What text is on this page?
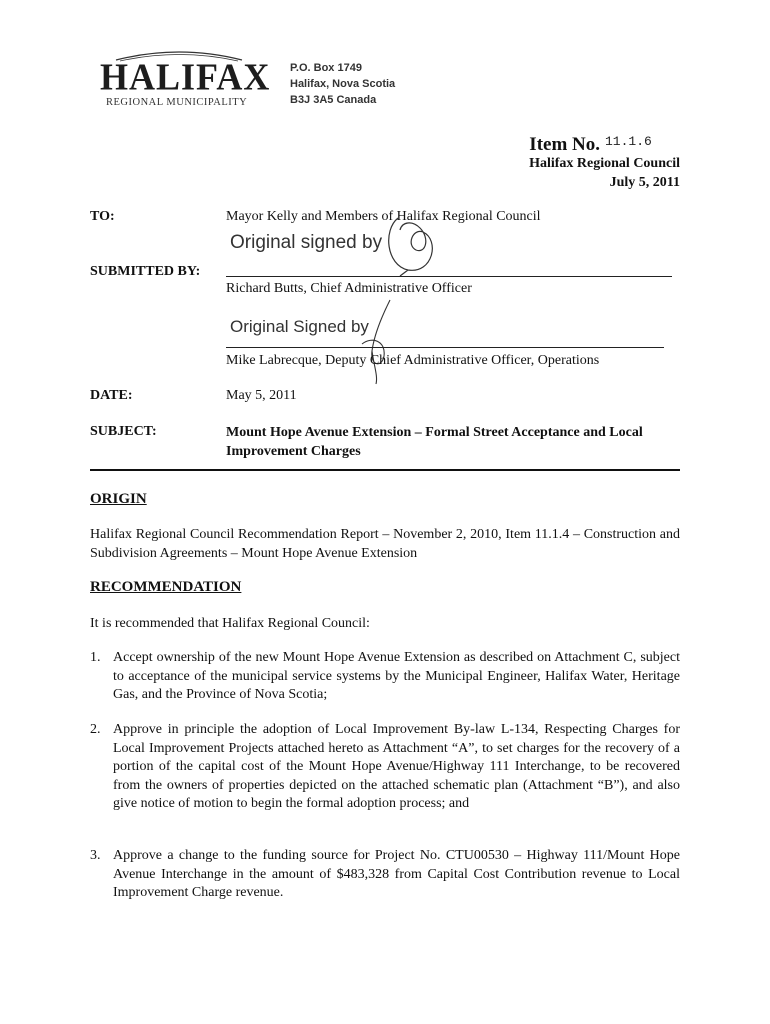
HALIFAX
REGIONAL MUNICIPALITY
P.O. Box 1749
Halifax, Nova Scotia
B3J 3A5 Canada
Item No. 11.1.6
Halifax Regional Council
July 5, 2011
TO:	Mayor Kelly and Members of Halifax Regional Council
Original signed by
SUBMITTED BY:
Richard Butts, Chief Administrative Officer
Original Signed by
Mike Labrecque, Deputy Chief Administrative Officer, Operations
DATE:	May 5, 2011
SUBJECT:	Mount Hope Avenue Extension – Formal Street Acceptance and Local Improvement Charges
ORIGIN
Halifax Regional Council Recommendation Report – November 2, 2010, Item 11.1.4 – Construction and Subdivision Agreements – Mount Hope Avenue Extension
RECOMMENDATION
It is recommended that Halifax Regional Council:
1. Accept ownership of the new Mount Hope Avenue Extension as described on Attachment C, subject to acceptance of the municipal service systems by the Municipal Engineer, Halifax Water, Heritage Gas, and the Province of Nova Scotia;
2. Approve in principle the adoption of Local Improvement By-law L-134, Respecting Charges for Local Improvement Projects attached hereto as Attachment “A”, to set charges for the recovery of a portion of the capital cost of the Mount Hope Avenue/Highway 111 Interchange, to be recovered from the owners of properties depicted on the attached schematic plan (Attachment “B”), and also give notice of motion to begin the formal adoption process; and
3. Approve a change to the funding source for Project No. CTU00530 – Highway 111/Mount Hope Avenue Interchange in the amount of $483,328 from Capital Cost Contribution revenue to Local Improvement Charge revenue.
